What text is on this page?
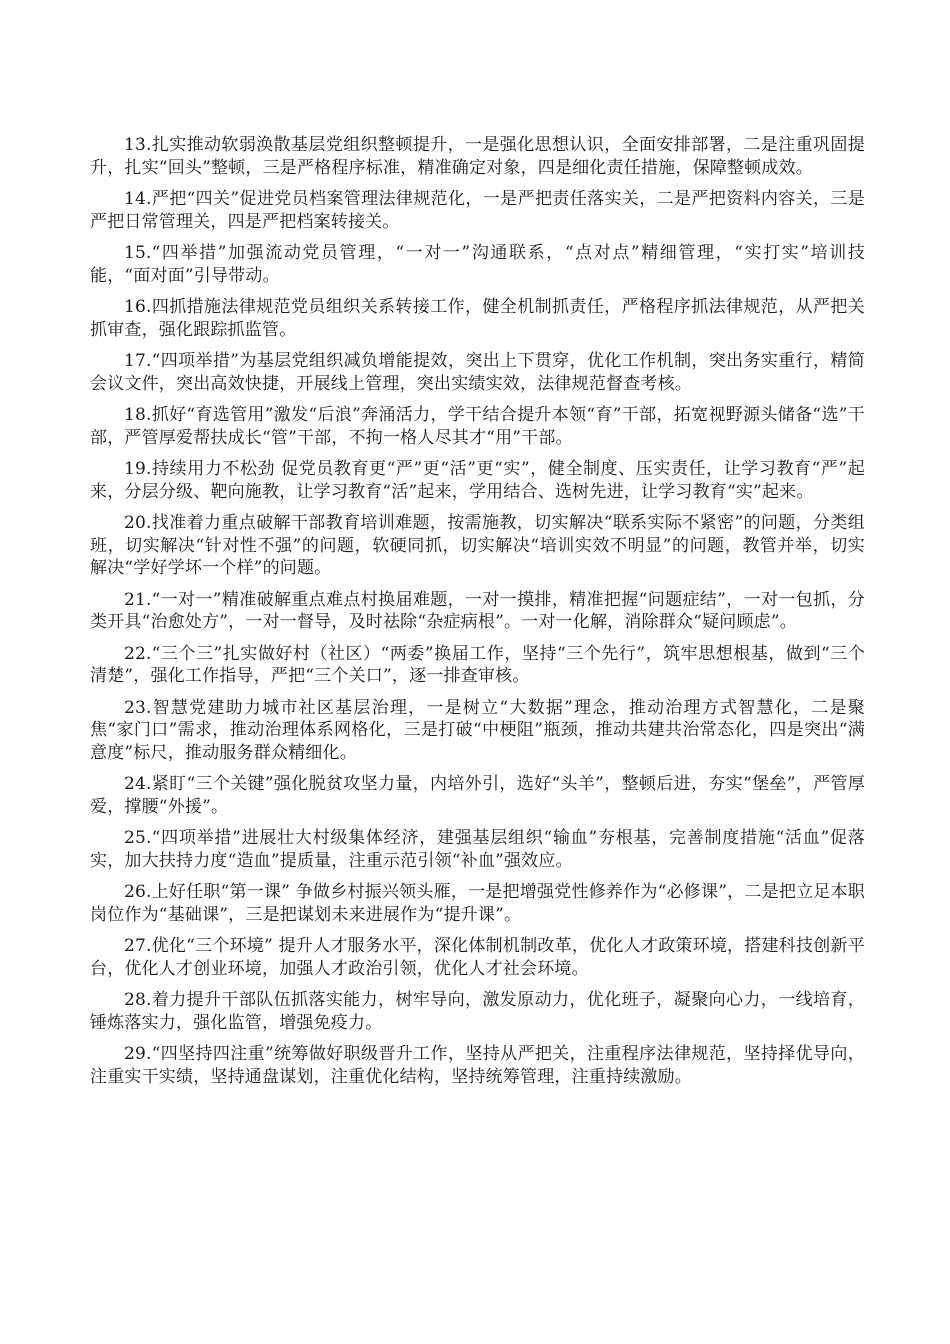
13.扎实推动软弱涣散基层党组织整顿提升，一是强化思想认识，全面安排部署，二是注重巩固提升，扎实“回头”整顿，三是严格程序标准，精准确定对象，四是细化责任措施，保障整顿成效。

14.严把“四关”促进党员档案管理法律规范化，一是严把责任落实关，二是严把资料内容关，三是严把日常管理关，四是严把档案转接关。

15.“四举措”加强流动党员管理，“一对一”沟通联系，“点对点”精细管理，“实打实”培训技能，“面对面”引导带动。

16.四抓措施法律规范党员组织关系转接工作，健全机制抓责任，严格程序抓法律规范，从严把关抓审查，强化跟踪抓监管。

17.“四项举措”为基层党组织减负增能提效，突出上下贯穿，优化工作机制，突出务实重行，精简会议文件，突出高效快捷，开展线上管理，突出实绩实效，法律规范督查考核。

18.抓好“育选管用”激发“后浪”奔涌活力，学干结合提升本领“育”干部，拓宽视野源头储备“选”干部，严管厚爱帮扶成长“管”干部，不拘一格人尽其才“用”干部。

19.持续用力不松劲 促党员教育更“严”更“活”更“实”，健全制度、压实责任，让学习教育“严”起来，分层分级、靶向施教，让学习教育“活”起来，学用结合、选树先进，让学习教育“实”起来。

20.找准着力重点破解干部教育培训难题，按需施教，切实解决“联系实际不紧密”的问题，分类组班，切实解决“针对性不强”的问题，软硬同抓，切实解决“培训实效不明显”的问题，教管并举，切实解决“学好学坏一个样”的问题。

21.“一对一”精准破解重点难点村换届难题，一对一摸排，精准把握“问题症结”，一对一包抓，分类开具“治愈处方”，一对一督导，及时祛除“杂症病根”。一对一化解，消除群众“疑问顾虑”。

22.“三个三”扎实做好村（社区）“两委”换届工作，坚持“三个先行”，筑牢思想根基，做到“三个清楚”，强化工作指导，严把“三个关口”，逐一排查审核。

23.智慧党建助力城市社区基层治理，一是树立“大数据”理念，推动治理方式智慧化，二是聚焦“家门口”需求，推动治理体系网格化，三是打破“中梗阻”瓶颈，推动共建共治常态化，四是突出“满意度”标尺，推动服务群众精细化。

24.紧盯“三个关键”强化脱贫攻坚力量，内培外引，选好“头羊”，整顿后进，夯实“堡垒”，严管厚爱，撑腰“外援”。

25.“四项举措”进展壮大村级集体经济，建强基层组织“输血”夯根基，完善制度措施“活血”促落实，加大扶持力度“造血”提质量，注重示范引领“补血”强效应。

26.上好任职“第一课” 争做乡村振兴领头雁，一是把增强党性修养作为“必修课”，二是把立足本职岗位作为“基础课”，三是把谋划未来进展作为“提升课”。

27.优化“三个环境” 提升人才服务水平，深化体制机制改革，优化人才政策环境，搭建科技创新平台，优化人才创业环境，加强人才政治引领，优化人才社会环境。

28.着力提升干部队伍抓落实能力，树牢导向，激发原动力，优化班子，凝聚向心力，一线培育，锤炼落实力，强化监管，增强免疫力。

29.“四坚持四注重”统筹做好职级晋升工作，坚持从严把关，注重程序法律规范，坚持择优导向，注重实干实绩，坚持通盘谋划，注重优化结构，坚持统筹管理，注重持续激励。
